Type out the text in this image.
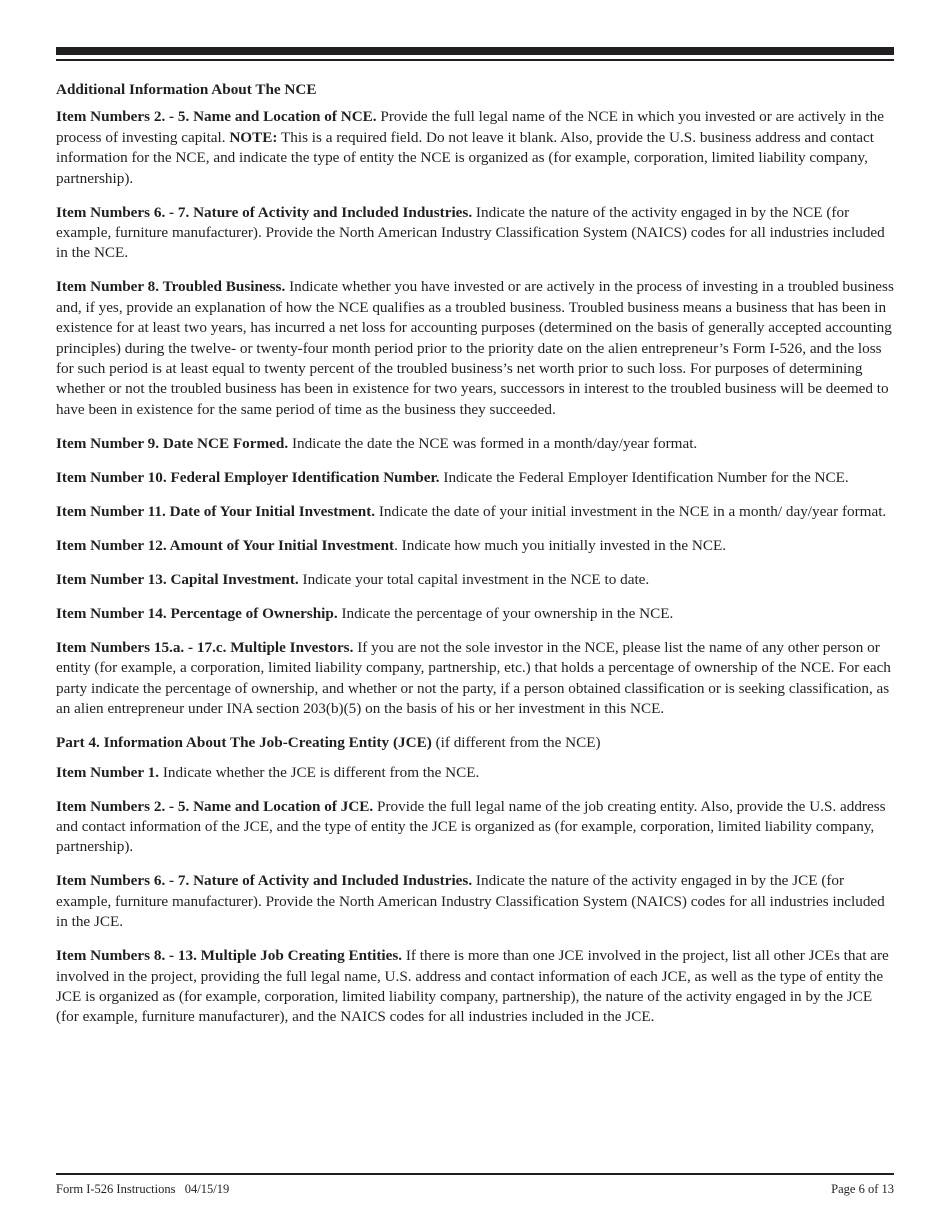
Additional Information About The NCE

Item Numbers 2. - 5. Name and Location of NCE. Provide the full legal name of the NCE in which you invested or are actively in the process of investing capital. NOTE: This is a required field. Do not leave it blank. Also, provide the U.S. business address and contact information for the NCE, and indicate the type of entity the NCE is organized as (for example, corporation, limited liability company, partnership).

Item Numbers 6. - 7. Nature of Activity and Included Industries. Indicate the nature of the activity engaged in by the NCE (for example, furniture manufacturer). Provide the North American Industry Classification System (NAICS) codes for all industries included in the NCE.

Item Number 8. Troubled Business. Indicate whether you have invested or are actively in the process of investing in a troubled business and, if yes, provide an explanation of how the NCE qualifies as a troubled business. Troubled business means a business that has been in existence for at least two years, has incurred a net loss for accounting purposes (determined on the basis of generally accepted accounting principles) during the twelve- or twenty-four month period prior to the priority date on the alien entrepreneur’s Form I-526, and the loss for such period is at least equal to twenty percent of the troubled business’s net worth prior to such loss. For purposes of determining whether or not the troubled business has been in existence for two years, successors in interest to the troubled business will be deemed to have been in existence for the same period of time as the business they succeeded.

Item Number 9. Date NCE Formed. Indicate the date the NCE was formed in a month/day/year format.

Item Number 10. Federal Employer Identification Number. Indicate the Federal Employer Identification Number for the NCE.

Item Number 11. Date of Your Initial Investment. Indicate the date of your initial investment in the NCE in a month/ day/year format.

Item Number 12. Amount of Your Initial Investment. Indicate how much you initially invested in the NCE.

Item Number 13. Capital Investment. Indicate your total capital investment in the NCE to date.

Item Number 14. Percentage of Ownership. Indicate the percentage of your ownership in the NCE.

Item Numbers 15.a. - 17.c. Multiple Investors. If you are not the sole investor in the NCE, please list the name of any other person or entity (for example, a corporation, limited liability company, partnership, etc.) that holds a percentage of ownership of the NCE. For each party indicate the percentage of ownership, and whether or not the party, if a person obtained classification or is seeking classification, as an alien entrepreneur under INA section 203(b)(5) on the basis of his or her investment in this NCE.

Part 4. Information About The Job-Creating Entity (JCE) (if different from the NCE)

Item Number 1. Indicate whether the JCE is different from the NCE.

Item Numbers 2. - 5. Name and Location of JCE. Provide the full legal name of the job creating entity. Also, provide the U.S. address and contact information of the JCE, and the type of entity the JCE is organized as (for example, corporation, limited liability company, partnership).

Item Numbers 6. - 7. Nature of Activity and Included Industries. Indicate the nature of the activity engaged in by the JCE (for example, furniture manufacturer). Provide the North American Industry Classification System (NAICS) codes for all industries included in the JCE.

Item Numbers 8. - 13. Multiple Job Creating Entities. If there is more than one JCE involved in the project, list all other JCEs that are involved in the project, providing the full legal name, U.S. address and contact information of each JCE, as well as the type of entity the JCE is organized as (for example, corporation, limited liability company, partnership), the nature of the activity engaged in by the JCE (for example, furniture manufacturer), and the NAICS codes for all industries included in the JCE.

Form I-526 Instructions   04/15/19	Page 6 of 13
